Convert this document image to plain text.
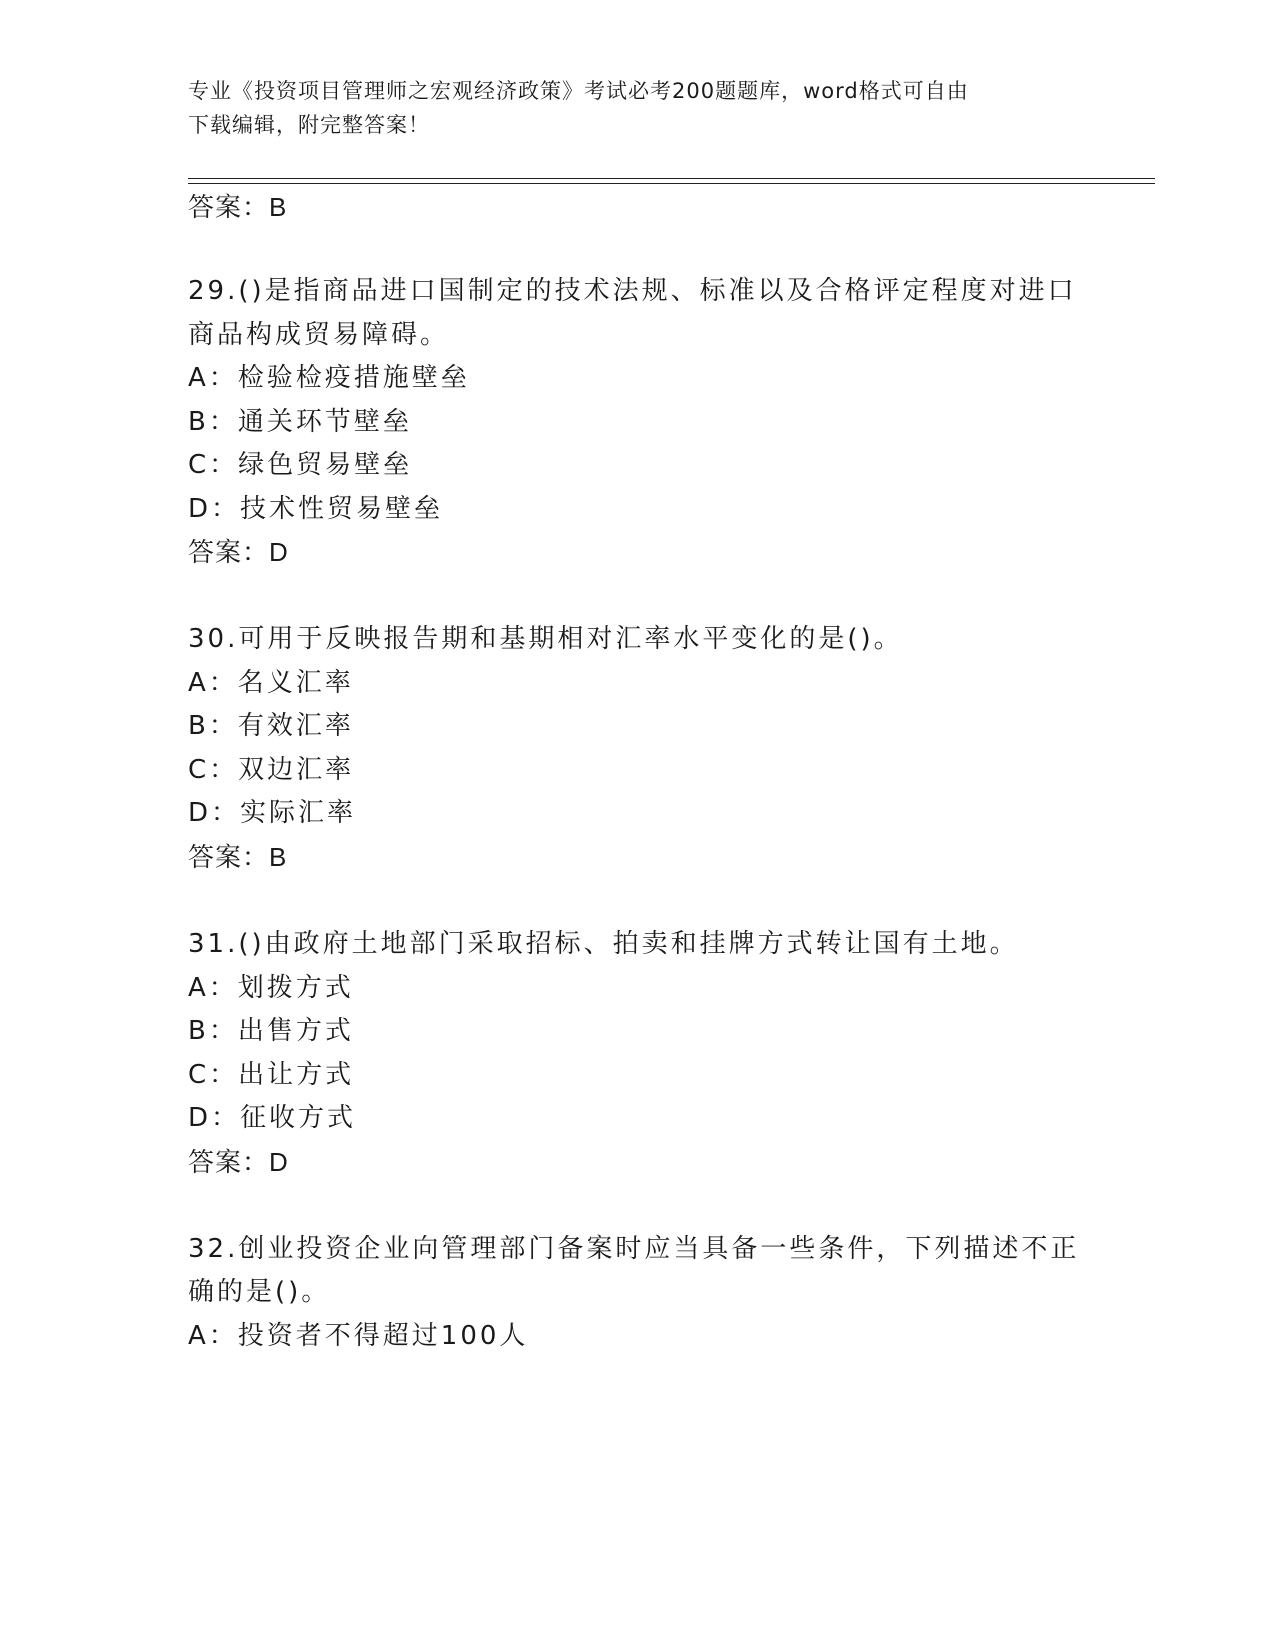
专业《投资项目管理师之宏观经济政策》考试必考200题题库，word格式可自由
下载编辑，附完整答案！
答案：B
29.()是指商品进口国制定的技术法规、标准以及合格评定程度对进口
商品构成贸易障碍。
A：检验检疫措施壁垒
B：通关环节壁垒
C：绿色贸易壁垒
D：技术性贸易壁垒
答案：D
30.可用于反映报告期和基期相对汇率水平变化的是()。
A：名义汇率
B：有效汇率
C：双边汇率
D：实际汇率
答案：B
31.()由政府土地部门采取招标、拍卖和挂牌方式转让国有土地。
A：划拨方式
B：出售方式
C：出让方式
D：征收方式
答案：D
32.创业投资企业向管理部门备案时应当具备一些条件，下列描述不正
确的是()。
A：投资者不得超过100人
